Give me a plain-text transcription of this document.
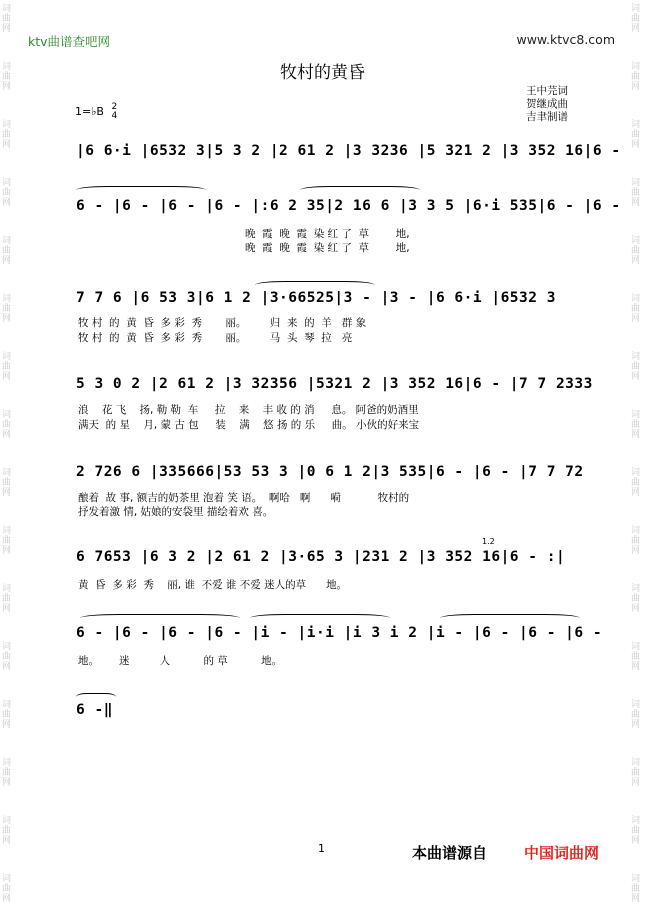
词
曲
网
词
曲
网
词
曲
网
词
曲
网
词
曲
网
词
曲
网
词
曲
网
词
曲
网
词
曲
网
词
曲
网
词
曲
网
词
曲
网
词
曲
网
词
曲
网
词
曲
网
词
曲
网
词
曲
网
词
曲
网
词
曲
网
词
曲
网
词
曲
网
词
曲
网
词
曲
网
词
曲
网
词
曲
网
词
曲
网
词
曲
网
词
曲
网
词
曲
网
词
曲
网
词
曲
网
词
曲
网
ktv曲谱查吧网	www.ktvc8.com
牧村的黄昏
王中芫词
贺继成曲
吉聿制谱
1=♭B 2
4
|6 6·i |6532 3|5 3 2 |2 61 2 |3 3236 |5 321 2 |3 352 16|6 -
6 - |6 - |6 - |6 - |:6 2 35|2 16 6 |3 3 5 |6·i 535|6 - |6 -
晚  霞  晚  霞  染 红 了  草        地,
晚  霞  晚  霞  染 红 了  草        地,
7 7 6 |6 53 3|6 1 2 |3·66525|3 - |3 - |6 6·i |6532 3
牧 村  的  黄  昏  多 彩  秀       丽。       归  来  的  羊   群 象
牧 村  的  黄  昏  多 彩  秀       丽。       马  头  琴  拉   亮
5 3 0 2 |2 61 2 |3 32356 |5321 2 |3 352 16|6 - |7 7 2333
浪    花 飞    扬, 勒 勒  车     拉    来    丰 收 的 消     息。 阿爸的奶酒里
满天  的 星    月, 蒙 古 包     装    满    悠 扬 的 乐     曲。 小伙的好来宝
2 726 6 |335666|53 53 3 |0 6 1 2|3 535|6 - |6 - |7 7 72
酿着  故 事, 额吉的奶茶里 泡着 笑 语。  啊哈   啊      嗬           牧村的
抒发着激 情, 姑娘的安袋里 描绘着欢 喜。
6 7653 |6 3 2 |2 61 2 |3·65 3 |231 2 |3 352 16|6 - :|
黄  昏  多 彩  秀    丽, 谁  不爱 谁 不爱 迷人的草      地。
1.2
6 - |6 - |6 - |6 - |i - |i·i |i 3 i 2 |i - |6 - |6 - |6 -
地。      迷         人          的 草          地。
6 -‖
1	本曲谱源自 中国词曲网
